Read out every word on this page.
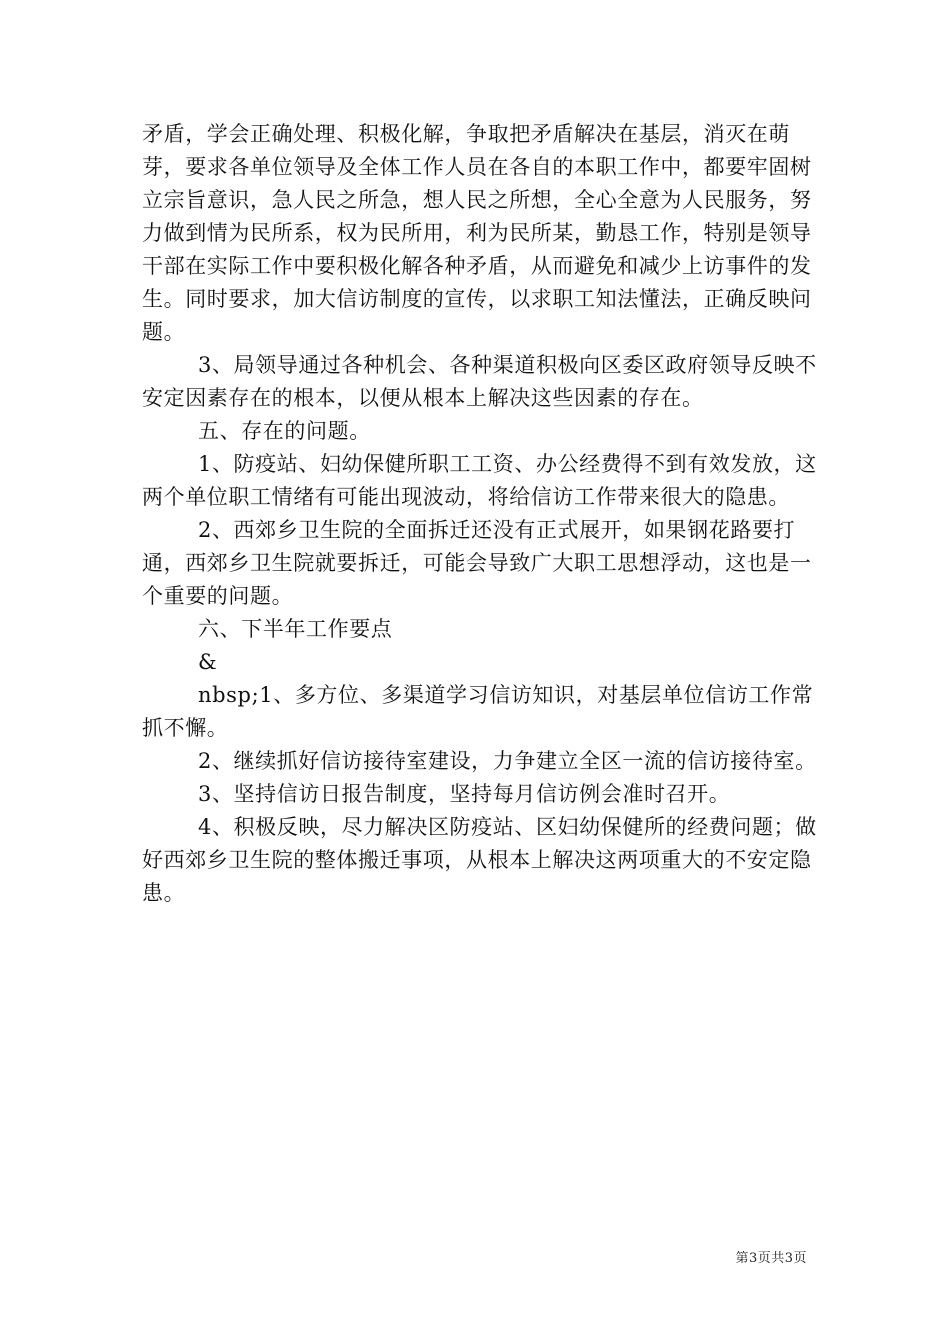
矛盾，学会正确处理、积极化解，争取把矛盾解决在基层，消灭在萌芽，要求各单位领导及全体工作人员在各自的本职工作中，都要牢固树立宗旨意识，急人民之所急，想人民之所想，全心全意为人民服务，努力做到情为民所系，权为民所用，利为民所某，勤恳工作，特别是领导干部在实际工作中要积极化解各种矛盾，从而避免和减少上访事件的发生。同时要求，加大信访制度的宣传，以求职工知法懂法，正确反映问题。

3、局领导通过各种机会、各种渠道积极向区委区政府领导反映不安定因素存在的根本，以便从根本上解决这些因素的存在。

五、存在的问题。

1、防疫站、妇幼保健所职工工资、办公经费得不到有效发放，这两个单位职工情绪有可能出现波动，将给信访工作带来很大的隐患。

2、西郊乡卫生院的全面拆迁还没有正式展开，如果钢花路要打通，西郊乡卫生院就要拆迁，可能会导致广大职工思想浮动，这也是一个重要的问题。

六、下半年工作要点

&

nbsp;1、多方位、多渠道学习信访知识，对基层单位信访工作常抓不懈。

2、继续抓好信访接待室建设，力争建立全区一流的信访接待室。

3、坚持信访日报告制度，坚持每月信访例会准时召开。

4、积极反映，尽力解决区防疫站、区妇幼保健所的经费问题；做好西郊乡卫生院的整体搬迁事项，从根本上解决这两项重大的不安定隐患。

第3页共3页
